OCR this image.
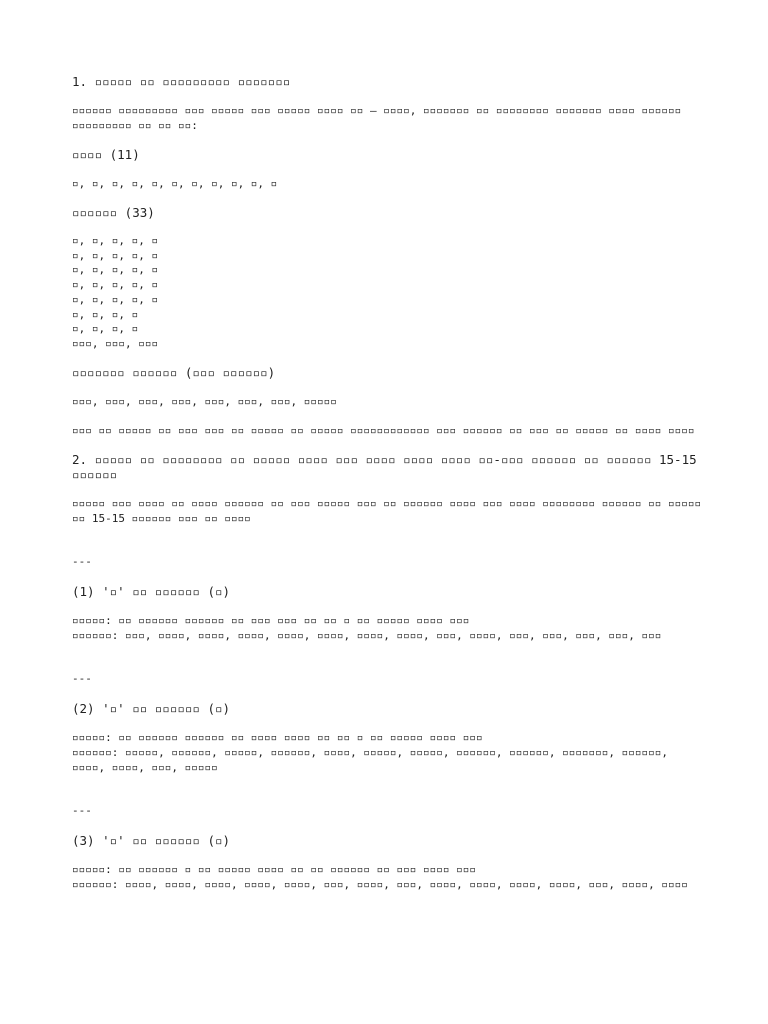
1. ▫▫▫▫▫ ▫▫ ▫▫▫▫▫▫▫▫▫ ▫▫▫▫▫▫▫

▫▫▫▫▫▫ ▫▫▫▫▫▫▫▫▫ ▫▫▫ ▫▫▫▫▫ ▫▫▫ ▫▫▫▫▫ ▫▫▫▫ ▫▫ — ▫▫▫▫, ▫▫▫▫▫▫▫ ▫▫ ▫▫▫▫▫▫▫▫ ▫▫▫▫▫▫▫ ▫▫▫▫ ▫▫▫▫▫▫ ▫▫▫▫▫▫▫▫▫ ▫▫ ▫▫ ▫▫:

▫▫▫▫ (11)

▫, ▫, ▫, ▫, ▫, ▫, ▫, ▫, ▫, ▫, ▫

▫▫▫▫▫▫ (33)

▫, ▫, ▫, ▫, ▫

▫, ▫, ▫, ▫, ▫

▫, ▫, ▫, ▫, ▫

▫, ▫, ▫, ▫, ▫

▫, ▫, ▫, ▫, ▫

▫, ▫, ▫, ▫

▫, ▫, ▫, ▫

▫▫▫, ▫▫▫, ▫▫▫

▫▫▫▫▫▫▫ ▫▫▫▫▫▫ (▫▫▫ ▫▫▫▫▫▫)

▫▫▫, ▫▫▫, ▫▫▫, ▫▫▫, ▫▫▫, ▫▫▫, ▫▫▫, ▫▫▫▫▫

▫▫▫ ▫▫ ▫▫▫▫▫ ▫▫ ▫▫▫ ▫▫▫ ▫▫ ▫▫▫▫▫ ▫▫ ▫▫▫▫▫ ▫▫▫▫▫▫▫▫▫▫▫▫ ▫▫▫ ▫▫▫▫▫▫ ▫▫ ▫▫▫ ▫▫ ▫▫▫▫▫ ▫▫ ▫▫▫▫ ▫▫▫▫

2. ▫▫▫▫▫ ▫▫ ▫▫▫▫▫▫▫▫ ▫▫ ▫▫▫▫▫ ▫▫▫▫ ▫▫▫ ▫▫▫▫ ▫▫▫▫ ▫▫▫▫ ▫▫-▫▫▫ ▫▫▫▫▫▫ ▫▫ ▫▫▫▫▫▫ 15-15 ▫▫▫▫▫▫

▫▫▫▫▫ ▫▫▫ ▫▫▫▫ ▫▫ ▫▫▫▫ ▫▫▫▫▫▫ ▫▫ ▫▫▫ ▫▫▫▫▫ ▫▫▫ ▫▫ ▫▫▫▫▫▫ ▫▫▫▫ ▫▫▫ ▫▫▫▫ ▫▫▫▫▫▫▫▫ ▫▫▫▫▫▫ ▫▫ ▫▫▫▫▫ ▫▫ 15-15 ▫▫▫▫▫▫ ▫▫▫ ▫▫ ▫▫▫▫

---

(1) '▫' ▫▫ ▫▫▫▫▫▫ (▫)

▫▫▫▫▫: ▫▫ ▫▫▫▫▫▫ ▫▫▫▫▫▫ ▫▫ ▫▫▫ ▫▫▫ ▫▫ ▫▫ ▫ ▫▫ ▫▫▫▫▫ ▫▫▫▫ ▫▫▫

▫▫▫▫▫▫: ▫▫▫, ▫▫▫▫, ▫▫▫▫, ▫▫▫▫, ▫▫▫▫, ▫▫▫▫, ▫▫▫▫, ▫▫▫▫, ▫▫▫, ▫▫▫▫, ▫▫▫, ▫▫▫, ▫▫▫, ▫▫▫, ▫▫▫

---

(2) '▫' ▫▫ ▫▫▫▫▫▫ (▫)

▫▫▫▫▫: ▫▫ ▫▫▫▫▫▫ ▫▫▫▫▫▫ ▫▫ ▫▫▫▫ ▫▫▫▫ ▫▫ ▫▫ ▫ ▫▫ ▫▫▫▫▫ ▫▫▫▫ ▫▫▫

▫▫▫▫▫▫: ▫▫▫▫▫, ▫▫▫▫▫▫, ▫▫▫▫▫, ▫▫▫▫▫▫, ▫▫▫▫, ▫▫▫▫▫, ▫▫▫▫▫, ▫▫▫▫▫▫, ▫▫▫▫▫▫, ▫▫▫▫▫▫▫, ▫▫▫▫▫▫, ▫▫▫▫, ▫▫▫▫, ▫▫▫, ▫▫▫▫▫

---

(3) '▫' ▫▫ ▫▫▫▫▫▫ (▫)

▫▫▫▫▫: ▫▫ ▫▫▫▫▫▫ ▫ ▫▫ ▫▫▫▫▫ ▫▫▫▫ ▫▫ ▫▫ ▫▫▫▫▫▫ ▫▫ ▫▫▫ ▫▫▫▫ ▫▫▫

▫▫▫▫▫▫: ▫▫▫▫, ▫▫▫▫, ▫▫▫▫, ▫▫▫▫, ▫▫▫▫, ▫▫▫, ▫▫▫▫, ▫▫▫, ▫▫▫▫, ▫▫▫▫, ▫▫▫▫, ▫▫▫▫, ▫▫▫, ▫▫▫▫, ▫▫▫▫
